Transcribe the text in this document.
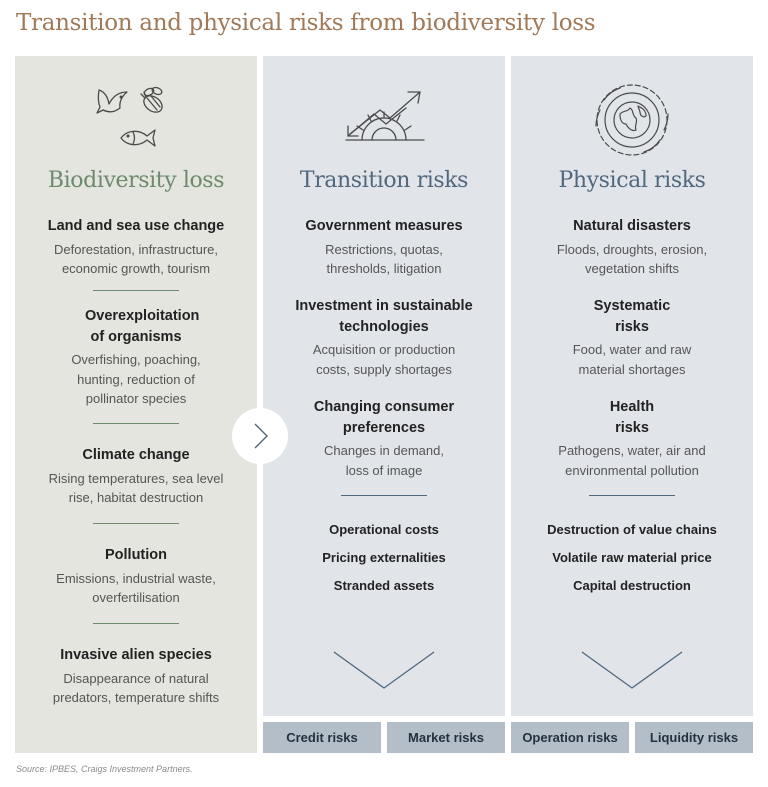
Transition and physical risks from biodiversity loss
Biodiversity loss
Land and sea use change
Deforestation, infrastructure, economic growth, tourism
Overexploitation of organisms
Overfishing, poaching, hunting, reduction of pollinator species
Climate change
Rising temperatures, sea level rise, habitat destruction
Pollution
Emissions, industrial waste, overfertilisation
Invasive alien species
Disappearance of natural predators, temperature shifts
Transition risks
Government measures
Restrictions, quotas, thresholds, litigation
Investment in sustainable technologies
Acquisition or production costs, supply shortages
Changing consumer preferences
Changes in demand, loss of image
Operational costs
Pricing externalities
Stranded assets
Physical risks
Natural disasters
Floods, droughts, erosion, vegetation shifts
Systematic risks
Food, water and raw material shortages
Health risks
Pathogens, water, air and environmental pollution
Destruction of value chains
Volatile raw material price
Capital destruction
Credit risks	Market risks	Operation risks	Liquidity risks
Source: IPBES, Craigs Investment Partners.
